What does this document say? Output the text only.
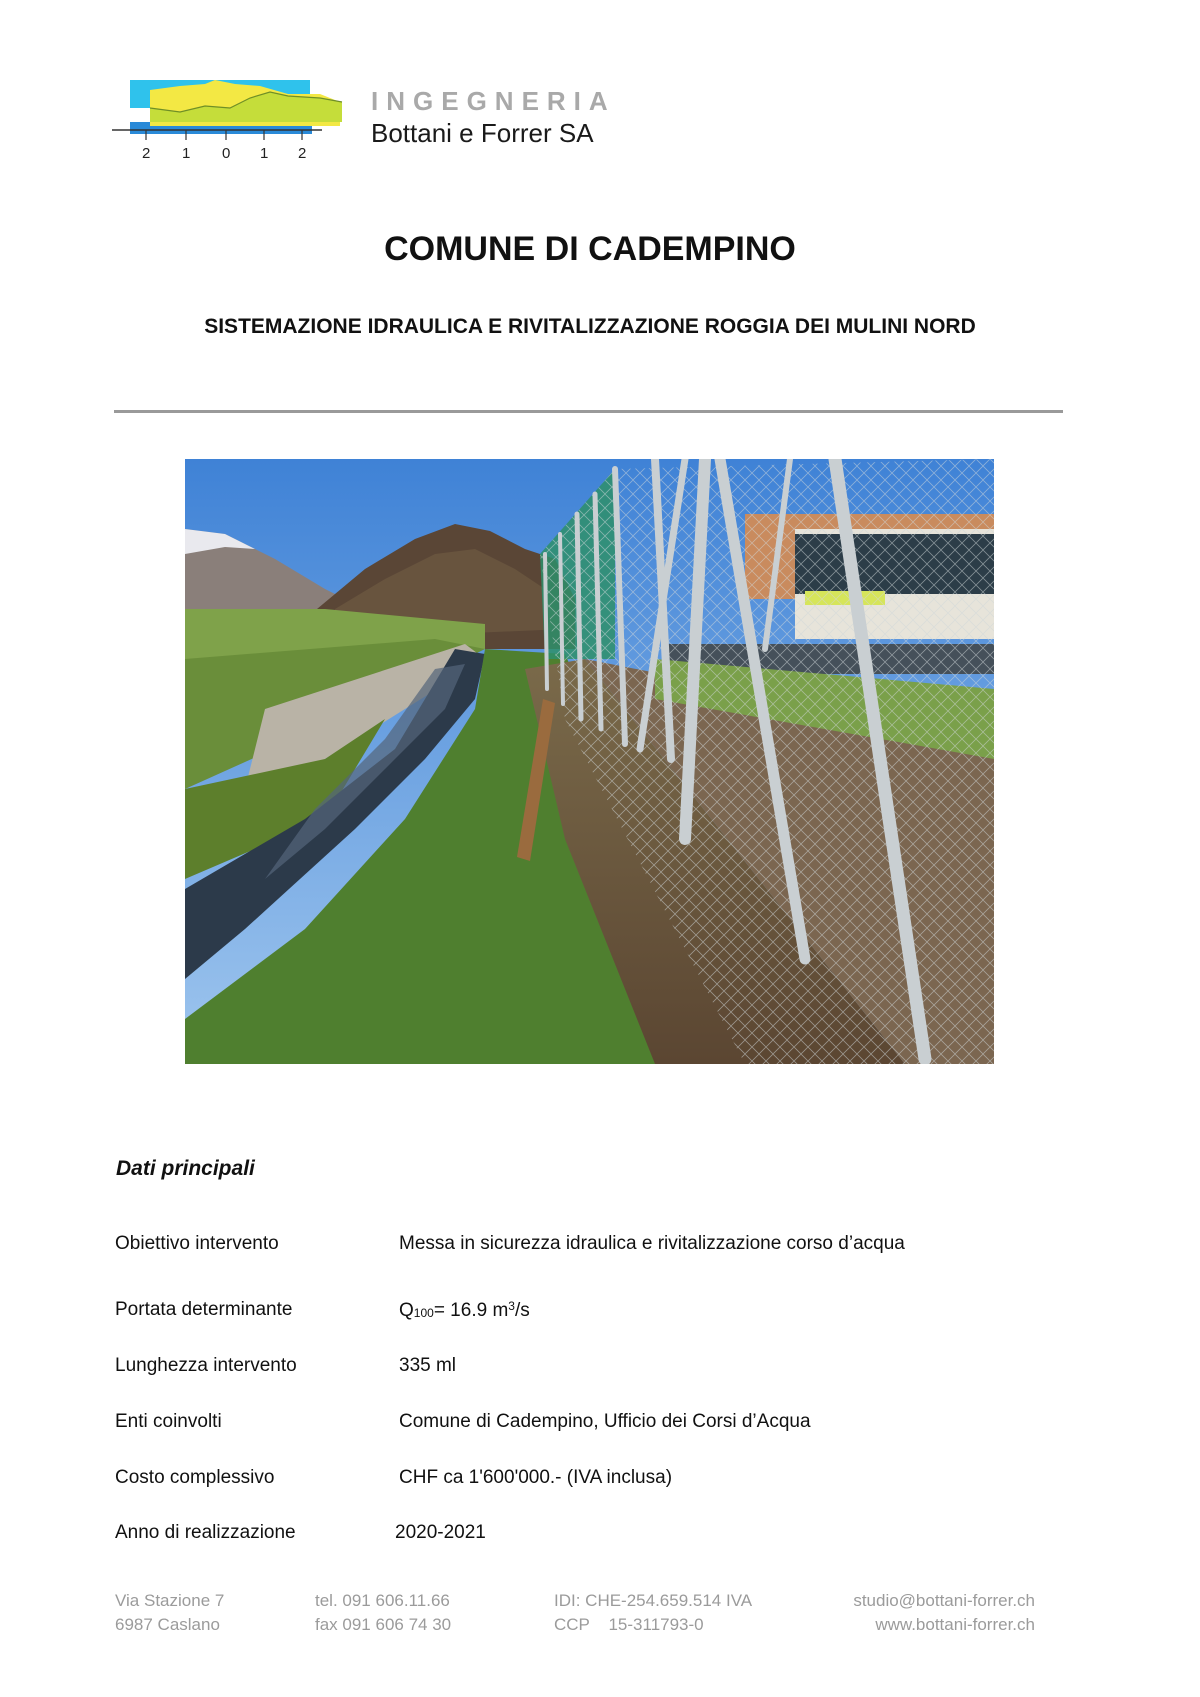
2 1 0 1 2
INGEGNERIA
Bottani e Forrer SA
COMUNE DI CADEMPINO
SISTEMAZIONE IDRAULICA E RIVITALIZZAZIONE ROGGIA DEI MULINI NORD
Dati principali
Obiettivo intervento	Messa in sicurezza idraulica e rivitalizzazione corso d’acqua
Portata determinante	$Q_{100}= 16.9$ $m^3/s$
Lunghezza intervento	335 ml
Enti coinvolti	Comune di Cadempino, Ufficio dei Corsi d’Acqua
Costo complessivo	CHF ca 1'600'000.- (IVA inclusa)
Anno di realizzazione	2020-2021
Via Stazione 7
6987 Caslano
tel. 091 606.11.66
fax 091 606 74 30
IDI: CHE-254.659.514 IVA
CCP    15-311793-0
studio@bottani-forrer.ch
www.bottani-forrer.ch
